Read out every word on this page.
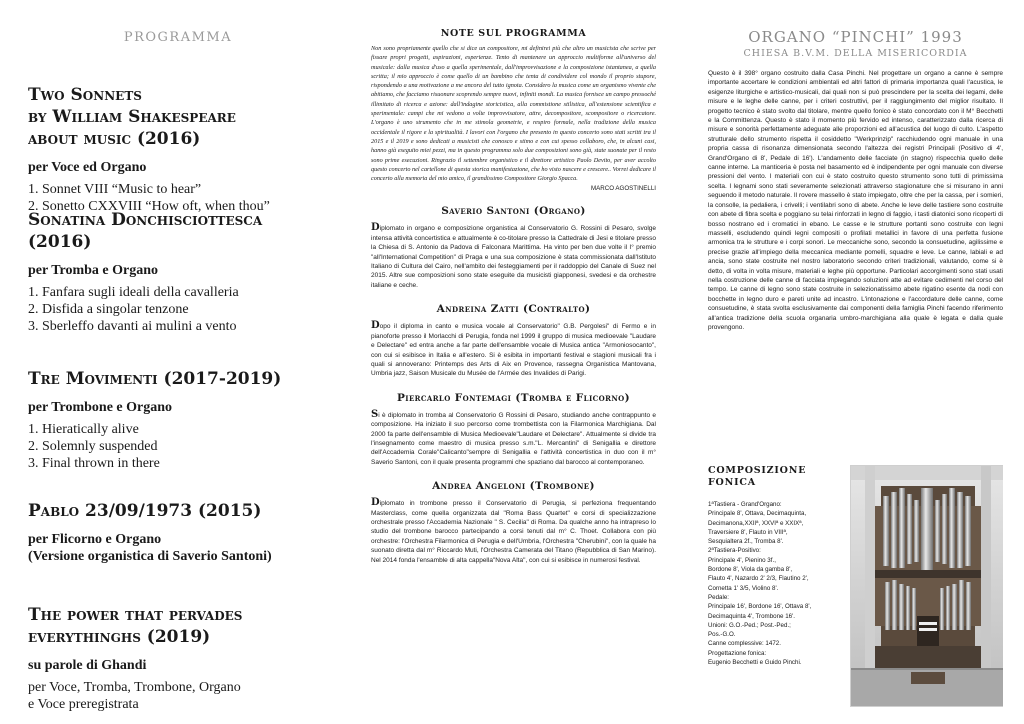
PROGRAMMA
Two Sonnets
by William Shakespeare
about music (2016)
per Voce ed Organo
1. Sonnet VIII “Music to hear”
2. Sonetto CXXVIII “How oft, when thou”
Sonatina Donchisciottesca
(2016)
per Tromba e Organo
1. Fanfara sugli ideali della cavalleria
2. Disfida a singolar tenzone
3. Sberleffo davanti ai mulini a vento
Tre Movimenti (2017-2019)
per Trombone e Organo
1. Hieratically alive
2. Solemnly suspended
3. Final thrown in there
Pablo 23/09/1973 (2015)
per Flicorno e Organo
(Versione organistica di Saverio Santoni)
The power that pervades
everythinghs (2019)
su parole di Ghandi
per Voce, Tromba, Trombone, Organo
e Voce preregistrata
NOTE SUL PROGRAMMA

Non sono propriamente quello che si dice un compositore, mi definirei più che altro un musicista che scrive per fissare propri progetti, aspirazioni, esperienze. Tento di mantenere un approccio multiforme all'universo del musicale: dalla musica d'uso a quella sperimentale, dall'improvvisazione e la composizione istantanea, a quella scritta; il mio approccio è come quello di un bambino che tenta di condividere col mondo il proprio stupore, rispondendo a una motivazione a me ancora del tutto ignota. Considero la musica come un organismo vivente che abitiamo, che facciamo risuonare scoprendo sempre nuovi, infiniti mondi. La musica fornisce un campo pressoché illimitato di ricerca e azione: dall'indagine storicistica, alla commistione stilistica, all'estensione scientifica e sperimentale: campi che mi vedono a volte improvvisatore, attre, decompositore, scompositore o ricercatore. L'organo è uno strumento che in me stimola geometrie, e respiro formale, nella tradizione della musica occidentale il rigore e la spiritualità. I lavori con l'organo che presento in questo concerto sono stati scritti tra il 2015 e il 2019 e sono dedicati a musicisti che conosco e stimo e con cui spesso collaboro, che, in alcuni casi, hanno già eseguito miei pezzi, ma in questo programma solo due composizioni sono già, state suonate per il resto sono prime esecuzioni. Ringrazio il settembre organistico e il direttore artistico Paolo Devito, per aver accolto questo concerto nel cartellone di questa storica manifestazione, che ho visto nascere e crescere.. Vorrei dedicare il concerto alla memoria del mio amico, il grandissimo Compositore Giorgio Spacca.

MARCO AGOSTINELLI

Saverio Santoni (Organo)

Diplomato in organo e composizione organistica al Conservatorio G. Rossini di Pesaro, svolge intensa attività concertistica e attualmente è co-titolare presso la Cattedrale di Jesi e titolare presso la Chiesa di S. Antonio da Padova di Falconara Marittima. Ha vinto per ben due volte il I° premio "all'International Competition" di Praga e una sua composizione è stata commissionata dall'Istituto Italiano di Cultura del Cairo, nell'ambito dei festeggiamenti per il raddoppio del Canale di Suez nel 2015. Altre sue composizioni sono state eseguite da musicisti giapponesi, svedesi e da orchestre italiane e ceche.

Andreina Zatti (Contralto)

Dopo il diploma in canto e musica vocale al Conservatorio" G.B. Pergolesi" di Fermo e in pianoforte presso il Morlacchi di Perugia, fonda nel 1999 il gruppo di musica medioevale "Laudare e Delectare" ed entra anche a far parte dell'ensamble vocale di Musica antica "Armoniosocanto", con cui si esibisce in Italia e all'estero. Si è esibita in importanti festival e stagioni musicali fra i quali si annoverano: Printemps des Arts di Aix en Provence, rassegna Organistica Mantovana, Umbria jazz, Saison Musicale du Musée de l'Armée des Invalides di Parigi.

Piercarlo Fontemagi (Tromba e Flicorno)

Si è diplomato in tromba al Conservatorio G Rossini di Pesaro, studiando anche contrappunto e composizione. Ha iniziato il suo percorso come trombettista con la Filarmonica Marchigiana. Dal 2000 fa parte dell'ensamble di Musica Medioevale"Laudare et Delectare". Attualmente si divide tra l'insegnamento come maestro di musica presso s.m."L. Mercantini" di Senigallia e direttore dell'Accademia Corale"Calicanto"sempre di Senigallia e l'attività concertistica in duo con il m° Saverio Santoni, con il quale presenta programmi che spaziano dal barocco al contemporaneo.

Andrea Angeloni (Trombone)

Diplomato in trombone presso il Conservatorio di Perugia, si perfeziona frequentando Masterclass, come quella organizzata dal "Roma Bass Quartet" e corsi di specializzazione orchestrale presso l'Accademia Nazionale " S. Cecilia" di Roma. Da qualche anno ha intrapreso lo studio del trombone barocco partecipando a corsi tenuti dal m° C. Thoet. Collabora con più orchestre: l'Orchestra Filarmonica di Perugia e dell'Umbria, l'Orchestra "Cherubini", con la quale ha suonato diretta dal m° Riccardo Muti, l'Orchestra Camerata del Titano (Repubblica di San Marino). Nel 2014 fonda l'ensamble di alta cappella"Nova Alta", con cui si esibisce in numerosi festival.

ORGANO “PINCHI” 1993
CHIESA B.V.M. DELLA MISERICORDIA

Questo è il 398° organo costruito dalla Casa Pinchi. Nel progettare un organo a canne è sempre importante accertare le condizioni ambientali ed altri fattori di primaria importanza quali l'acustica, le esigenze liturgiche e artistico-musicali, dai quali non si può prescindere per la scelta dei legami, delle misure e le leghe delle canne, per i criteri costruttivi, per il raggiungimento del miglior risultato. Il progetto tecnico è stato svolto dal titolare, mentre quello fonico è stato concordato con il M° Becchetti e la Committenza. Questo è stato il momento più fervido ed intenso, caratterizzato dalla ricerca di misure e sonorità perfettamente adeguate alle proporzioni ed all'acustica del luogo di culto. L'aspetto strutturale dello strumento rispetta il cosiddetto "Werkprinzip" racchiudendo ogni manuale in una propria cassa di risonanza dimensionata secondo l'altezza dei registri Principali (Positivo di 4', Grand'Organo di 8', Pedale di 16'). L'andamento delle facciate (in stagno) rispecchia quello delle canne interne. La manticeria è posta nel basamento ed è indipendente per ogni manuale con diverse pressioni del vento. I materiali con cui è stato costruito questo strumento sono tutti di primissima scelta. I legnami sono stati severamente selezionati attraverso stagionature che si misurano in anni seguendo il metodo naturale. Il rovere massello è stato impiegato, oltre che per la cassa, per i somieri, la consolle, la pedaliera, i crivelli; i ventilabri sono di abete. Anche le leve delle tastiere sono costruite con abete di fibra scelta e poggiano su telai rinforzati in legno di faggio, i tasti diatonici sono ricoperti di bosso nostrano ed i cromatici in ebano. Le casse e le strutture portanti sono costruite con legni masselli, escludendo quindi legni compositi o profilati metallici in favore di una perfetta fusione armonica tra le strutture e i corpi sonori. Le meccaniche sono, secondo la consuetudine, agilissime e precise grazie all'impiego della meccanica mediante pomelli, squadre e leve. Le canne, labiali e ad ancia, sono state costruite nel nostro laboratorio secondo criteri tradizionali, valutando, come si è detto, di volta in volta misure, materiali e leghe più opportune. Particolari accorgimenti sono stati usati nella costruzione delle canne di facciata impiegando soluzioni atte ad evitare cedimenti nel corso del tempo. Le canne di legno sono state costruite in selezionatissimo abete rigatino esente da nodi con bocchette in legno duro e pareti unite ad incastro. L'intonazione e l'accordature delle canne, come consuetudine, è stata svolta esclusivamente dai componenti della famiglia Pinchi facendo riferimento all'antica tradizione della scuola organaria umbro-marchigiana alla quale è legata e dalla quale provengono.

COMPOSIZIONE
FONICA
1ªTastiera - Grand'Organo:
Principale 8', Ottava, Decimaquinta,
Decimanona,XXIIª, XXVIª e XXIXª,
Traversiere 8', Flauto in VIIIª,
Sesquialtera 2f., Tromba 8'.
2ªTastiera-Positivo:
Principale 4', Pienino 3f.,
Bordone 8', Viola da gamba 8',
Flauto 4', Nazardo 2' 2/3, Flautino 2',
Cornetta 1' 3/5, Violino 8'.
Pedale:
Principale 16', Bordone 16', Ottava 8',
Decimaquinta 4', Trombone 16'.
Unioni: G.O.-Ped.; Post.-Ped.;
Pos.-G.O.
Canne complessive: 1472.
Progettazione fonica:
Eugenio Becchetti e Guido Pinchi.
